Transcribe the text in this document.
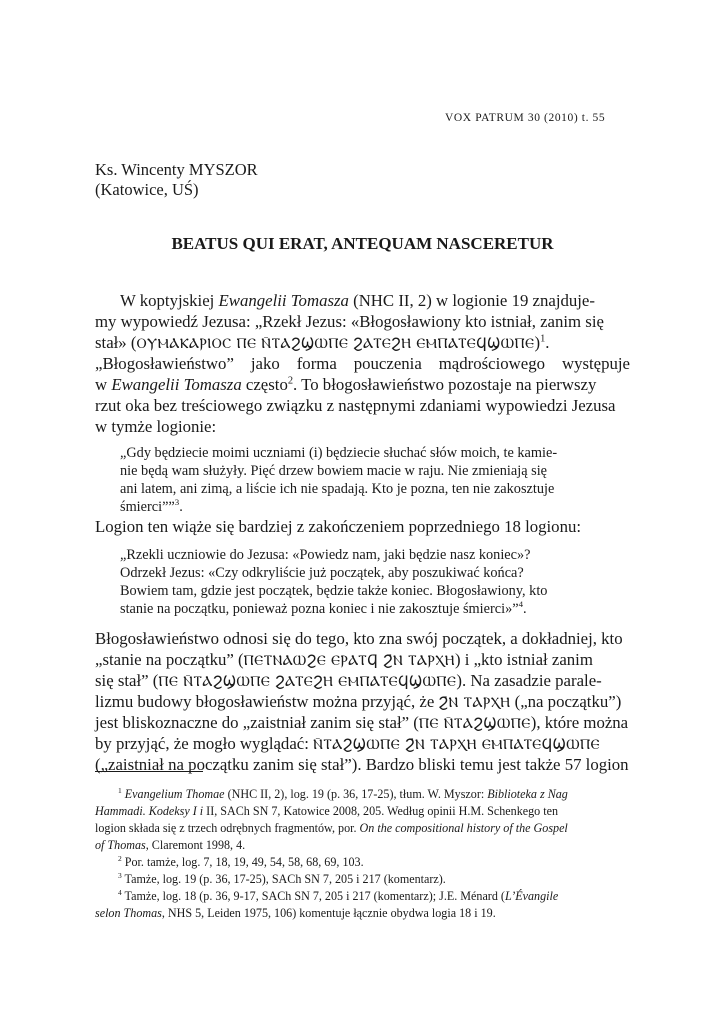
VOX PATRUM 30 (2010) t. 55
Ks. Wincenty MYSZOR
(Katowice, UŚ)
BEATUS QUI ERAT, ANTEQUAM NASCERETUR
W koptyjskiej Ewangelii Tomasza (NHC II, 2) w logionie 19 znajduje-
my wypowiedź Jezusa: „Rzekł Jezus: «Błogosławiony kto istniał, zanim się
stał» (ⲞⲨⲘⲀⲔⲀⲢⲒⲞⲤ ⲠⲈ Ⲛ̄ⲦⲀϨϢⲰⲠⲈ ϨⲀⲦⲈϨⲎ ⲈⲘⲠⲀⲦⲈϤϢⲰⲠⲈ)$^1$.
„Błogosławieństwo” jako forma pouczenia mądrościowego występuje
w Ewangelii Tomasza często$^2$. To błogosławieństwo pozostaje na pierwszy
rzut oka bez treściowego związku z następnymi zdaniami wypowiedzi Jezusa
w tymże logionie:
„Gdy będziecie moimi uczniami (i) będziecie słuchać słów moich, te kamie-
nie będą wam służyły. Pięć drzew bowiem macie w raju. Nie zmieniają się
ani latem, ani zimą, a liście ich nie spadają. Kto je pozna, ten nie zakosztuje
śmierci””$^3$.
Logion ten wiąże się bardziej z zakończeniem poprzedniego 18 logionu:
„Rzekli uczniowie do Jezusa: «Powiedz nam, jaki będzie nasz koniec»?
Odrzekł Jezus: «Czy odkryliście już początek, aby poszukiwać końca?
Bowiem tam, gdzie jest początek, będzie także koniec. Błogosławiony, kto
stanie na początku, ponieważ pozna koniec i nie zakosztuje śmierci»”$^4$.
Błogosławieństwo odnosi się do tego, kto zna swój początek, a dokładniej, kto
„stanie na początku” (ⲠⲈⲦⲚⲀⲰϨⲈ ⲈⲢⲀⲦϤ̄ Ϩ̄Ⲛ ⲦⲀⲢⲬⲎ) i „kto istniał zanim
się stał” (ⲠⲈ Ⲛ̄ⲦⲀϨϢⲰⲠⲈ ϨⲀⲦⲈϨⲎ ⲈⲘⲠⲀⲦⲈϤϢⲰⲠⲈ). Na zasadzie parale-
lizmu budowy błogosławieństw można przyjąć, że Ϩ̄Ⲛ ⲦⲀⲢⲬⲎ („na początku”)
jest bliskoznaczne do „zaistniał zanim się stał” (ⲠⲈ Ⲛ̄ⲦⲀϨϢⲰⲠⲈ), które można
by przyjąć, że mogło wyglądać: Ⲛ̄ⲦⲀϨϢⲰⲠⲈ Ϩ̄Ⲛ ⲦⲀⲢⲬⲎ ⲈⲘⲠⲀⲦⲈϤϢⲰⲠⲈ
(„zaistniał na początku zanim się stał”). Bardzo bliski temu jest także 57 logion
$^1$ Evangelium Thomae (NHC II, 2), log. 19 (p. 36, 17-25), tłum. W. Myszor: Biblioteka z Nag
Hammadi. Kodeksy I i II, SACh SN 7, Katowice 2008, 205. Według opinii H.M. Schenkego ten
logion składa się z trzech odrębnych fragmentów, por. On the compositional history of the Gospel
of Thomas, Claremont 1998, 4.
$^2$ Por. tamże, log. 7, 18, 19, 49, 54, 58, 68, 69, 103.
$^3$ Tamże, log. 19 (p. 36, 17-25), SACh SN 7, 205 i 217 (komentarz).
$^4$ Tamże, log. 18 (p. 36, 9-17, SACh SN 7, 205 i 217 (komentarz); J.E. Ménard (L’Évangile
selon Thomas, NHS 5, Leiden 1975, 106) komentuje łącznie obydwa logia 18 i 19.
